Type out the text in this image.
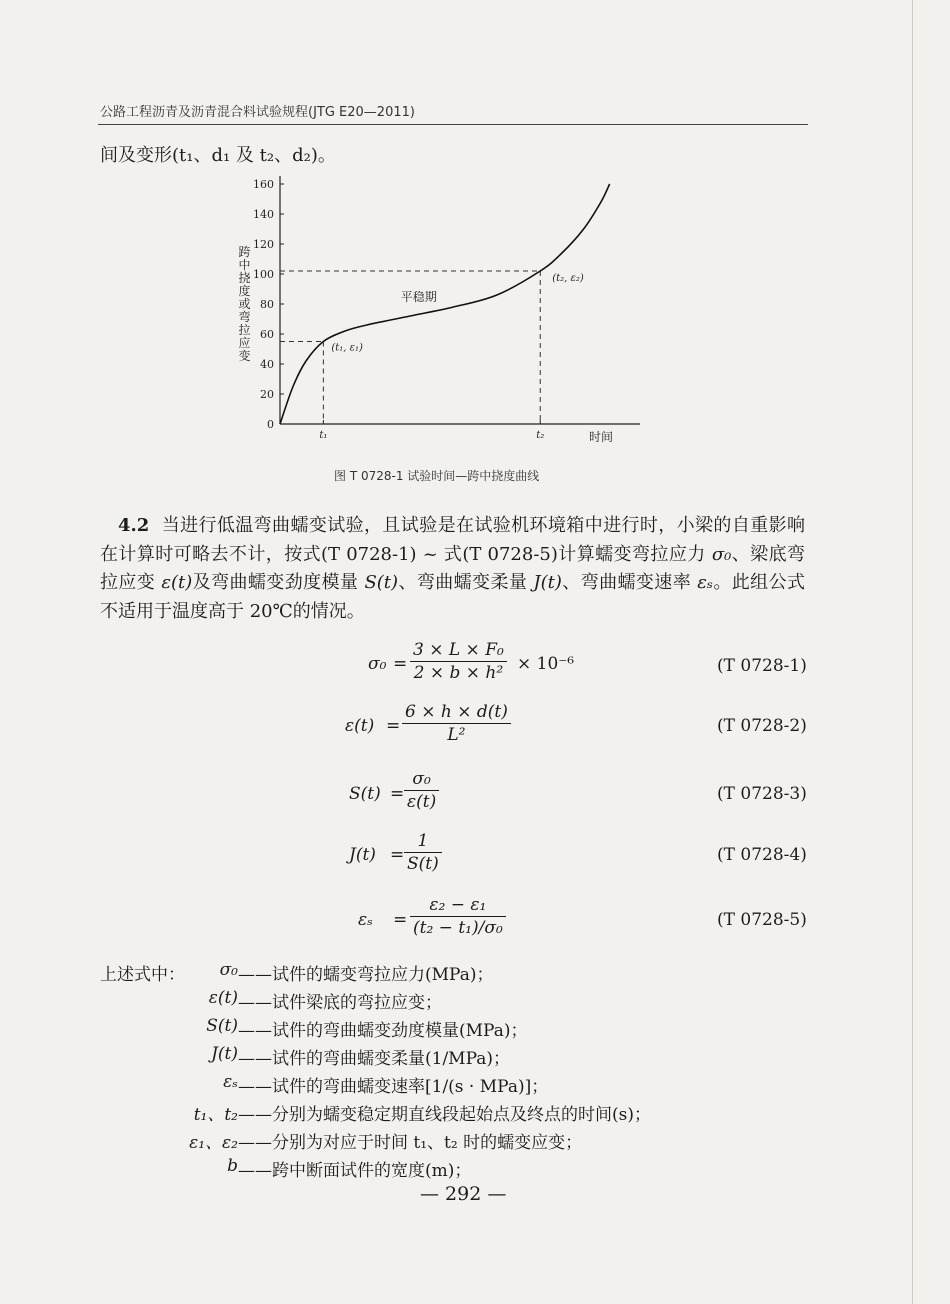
公路工程沥青及沥青混合料试验规程(JTG E20—2011)
间及变形(t₁、d₁ 及 t₂、d₂)。
0
20
40
60
80
100
120
140
160
t₁	t₂	时间
跨中挠度或弯拉应变	(t₁, ε₁)
(t₂, ε₂)
平稳期
图 T 0728-1 试验时间—跨中挠度曲线
4.2 当进行低温弯曲蠕变试验，且试验是在试验机环境箱中进行时，小梁的自重影响在计算时可略去不计，按式(T 0728-1) ~ 式(T 0728-5)计算蠕变弯拉应力 σ₀、梁底弯拉应变 ε(t)及弯曲蠕变劲度模量 S(t)、弯曲蠕变柔量 J(t)、弯曲蠕变速率 εₛ。此组公式不适用于温度高于 20℃的情况。
σ₀ =
3 × L × F₀
2 × b × h² × 10⁻⁶	(T 0728-1)
ε(t) =
6 × h × d(t)
L²	(T 0728-2)
S(t) =
σ₀
ε(t)	(T 0728-3)
J(t) =
1
S(t)	(T 0728-4)
εₛ =
ε₂ − ε₁
(t₂ − t₁)/σ₀	(T 0728-5)
上述式中： σ₀ ——试件的蠕变弯拉应力(MPa)；
ε(t) ——试件梁底的弯拉应变；
S(t) ——试件的弯曲蠕变劲度模量(MPa)；
J(t) ——试件的弯曲蠕变柔量(1/MPa)；
εₛ ——试件的弯曲蠕变速率[1/(s · MPa)]；
t₁、t₂ ——分别为蠕变稳定期直线段起始点及终点的时间(s)；
ε₁、ε₂ ——分别为对应于时间 t₁、t₂ 时的蠕变应变；
b ——跨中断面试件的宽度(m)；
— 292 —
